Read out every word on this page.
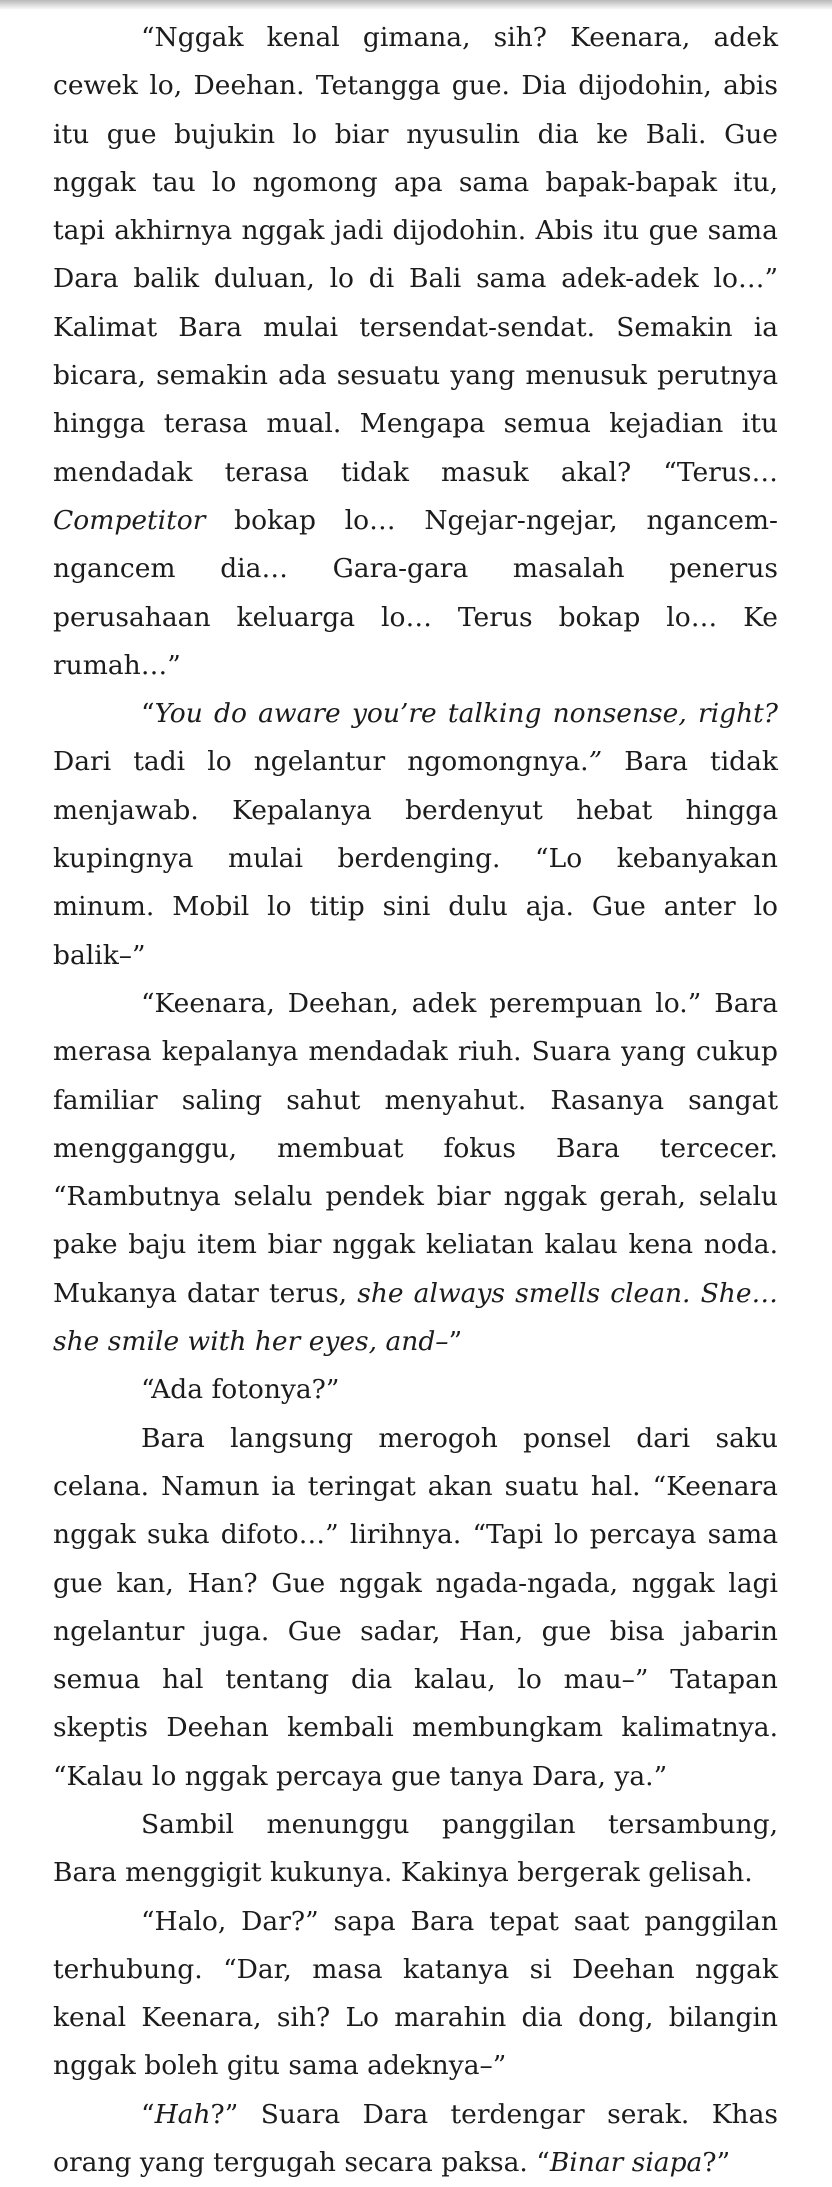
“Nggak kenal gimana, sih? Keenara, adek cewek lo, Deehan. Tetangga gue. Dia dijodohin, abis itu gue bujukin lo biar nyusulin dia ke Bali. Gue nggak tau lo ngomong apa sama bapak-bapak itu, tapi akhirnya nggak jadi dijodohin. Abis itu gue sama Dara balik duluan, lo di Bali sama adek-adek lo…” Kalimat Bara mulai tersendat-sendat. Semakin ia bicara, semakin ada sesuatu yang menusuk perutnya hingga terasa mual. Mengapa semua kejadian itu mendadak terasa tidak masuk akal? “Terus… Competitor bokap lo… Ngejar-ngejar, ngancem-ngancem dia… Gara-gara masalah penerus perusahaan keluarga lo… Terus bokap lo… Ke rumah…”

“You do aware you’re talking nonsense, right? Dari tadi lo ngelantur ngomongnya.” Bara tidak menjawab. Kepalanya berdenyut hebat hingga kupingnya mulai berdenging. “Lo kebanyakan minum. Mobil lo titip sini dulu aja. Gue anter lo balik–”

“Keenara, Deehan, adek perempuan lo.” Bara merasa kepalanya mendadak riuh. Suara yang cukup familiar saling sahut menyahut. Rasanya sangat mengganggu, membuat fokus Bara tercecer. “Rambutnya selalu pendek biar nggak gerah, selalu pake baju item biar nggak keliatan kalau kena noda. Mukanya datar terus, she always smells clean. She… she smile with her eyes, and–”

“Ada fotonya?”

Bara langsung merogoh ponsel dari saku celana. Namun ia teringat akan suatu hal. “Keenara nggak suka difoto…” lirihnya. “Tapi lo percaya sama gue kan, Han? Gue nggak ngada-ngada, nggak lagi ngelantur juga. Gue sadar, Han, gue bisa jabarin semua hal tentang dia kalau, lo mau–” Tatapan skeptis Deehan kembali membungkam kalimatnya. “Kalau lo nggak percaya gue tanya Dara, ya.”

Sambil menunggu panggilan tersambung, Bara menggigit kukunya. Kakinya bergerak gelisah.

“Halo, Dar?” sapa Bara tepat saat panggilan terhubung. “Dar, masa katanya si Deehan nggak kenal Keenara, sih? Lo marahin dia dong, bilangin nggak boleh gitu sama adeknya–”

“Hah?” Suara Dara terdengar serak. Khas orang yang tergugah secara paksa. “Binar siapa?”
